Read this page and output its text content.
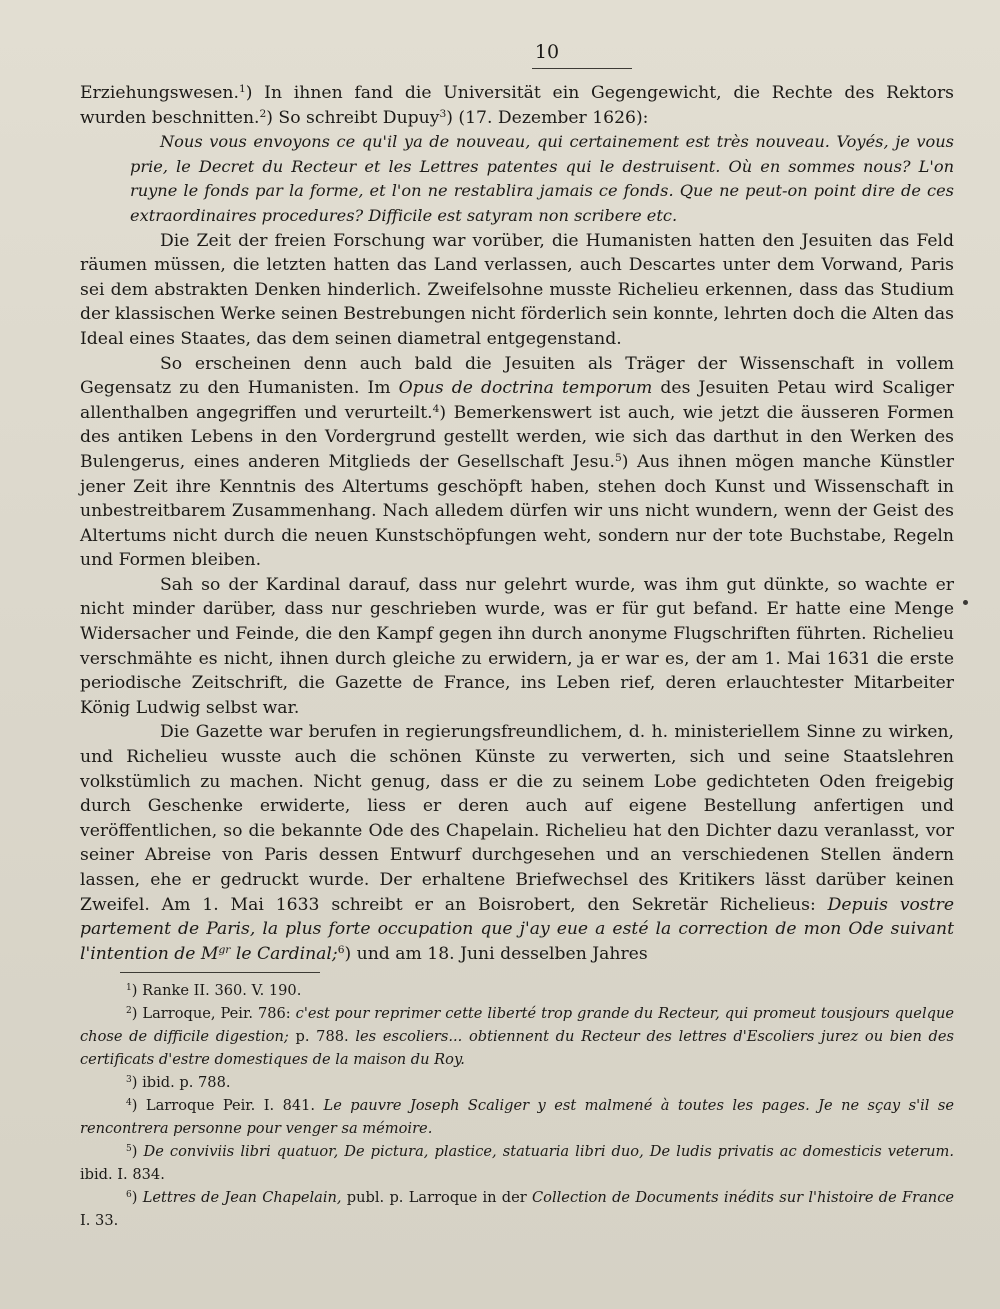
10

Erziehungswesen.$^1$) In ihnen fand die Universität ein Gegengewicht, die Rechte des Rektors wurden beschnitten.$^2$) So schreibt Dupuy$^3$) (17. Dezember 1626):

Nous vous envoyons ce qu'il ya de nouveau, qui certainement est très nouveau. Voyés, je vous prie, le Decret du Recteur et les Lettres patentes qui le destruisent. Où en sommes nous? L'on ruyne le fonds par la forme, et l'on ne restablira jamais ce fonds. Que ne peut-on point dire de ces extraordinaires procedures? Difficile est satyram non scribere etc.

Die Zeit der freien Forschung war vorüber, die Humanisten hatten den Jesuiten das Feld räumen müssen, die letzten hatten das Land verlassen, auch Descartes unter dem Vorwand, Paris sei dem abstrakten Denken hinderlich. Zweifelsohne musste Richelieu erkennen, dass das Studium der klassischen Werke seinen Bestrebungen nicht förderlich sein konnte, lehrten doch die Alten das Ideal eines Staates, das dem seinen diametral entgegenstand.

So erscheinen denn auch bald die Jesuiten als Träger der Wissenschaft in vollem Gegensatz zu den Humanisten. Im Opus de doctrina temporum des Jesuiten Petau wird Scaliger allenthalben angegriffen und verurteilt.$^4$) Bemerkenswert ist auch, wie jetzt die äusseren Formen des antiken Lebens in den Vordergrund gestellt werden, wie sich das darthut in den Werken des Bulengerus, eines anderen Mitglieds der Gesellschaft Jesu.$^5$) Aus ihnen mögen manche Künstler jener Zeit ihre Kenntnis des Altertums geschöpft haben, stehen doch Kunst und Wissenschaft in unbestreitbarem Zusammenhang. Nach alledem dürfen wir uns nicht wundern, wenn der Geist des Altertums nicht durch die neuen Kunstschöpfungen weht, sondern nur der tote Buchstabe, Regeln und Formen bleiben.

Sah so der Kardinal darauf, dass nur gelehrt wurde, was ihm gut dünkte, so wachte er nicht minder darüber, dass nur geschrieben wurde, was er für gut befand. Er hatte eine Menge Widersacher und Feinde, die den Kampf gegen ihn durch anonyme Flugschriften führten. Richelieu verschmähte es nicht, ihnen durch gleiche zu erwidern, ja er war es, der am 1. Mai 1631 die erste periodische Zeitschrift, die Gazette de France, ins Leben rief, deren erlauchtester Mitarbeiter König Ludwig selbst war.

Die Gazette war berufen in regierungsfreundlichem, d. h. ministeriellem Sinne zu wirken, und Richelieu wusste auch die schönen Künste zu verwerten, sich und seine Staatslehren volkstümlich zu machen. Nicht genug, dass er die zu seinem Lobe gedichteten Oden freigebig durch Geschenke erwiderte, liess er deren auch auf eigene Bestellung anfertigen und veröffentlichen, so die bekannte Ode des Chapelain. Richelieu hat den Dichter dazu veranlasst, vor seiner Abreise von Paris dessen Entwurf durchgesehen und an verschiedenen Stellen ändern lassen, ehe er gedruckt wurde. Der erhaltene Briefwechsel des Kritikers lässt darüber keinen Zweifel. Am 1. Mai 1633 schreibt er an Boisrobert, den Sekretär Richelieus: Depuis vostre partement de Paris, la plus forte occupation que j'ay eue a esté la correction de mon Ode suivant l'intention de $M^{gr}$ le Cardinal;$^6$) und am 18. Juni desselben Jahres

$^1$) Ranke II. 360. V. 190.

$^2$) Larroque, Peir. 786: c'est pour reprimer cette liberté trop grande du Recteur, qui promeut tousjours quelque chose de difficile digestion; p. 788. les escoliers... obtiennent du Recteur des lettres d'Escoliers jurez ou bien des certificats d'estre domestiques de la maison du Roy.

$^3$) ibid. p. 788.

$^4$) Larroque Peir. I. 841. Le pauvre Joseph Scaliger y est malmené à toutes les pages. Je ne sçay s'il se rencontrera personne pour venger sa mémoire.

$^5$) De conviviis libri quatuor, De pictura, plastice, statuaria libri duo, De ludis privatis ac domesticis veterum. ibid. I. 834.

$^6$) Lettres de Jean Chapelain, publ. p. Larroque in der Collection de Documents inédits sur l'histoire de France I. 33.
